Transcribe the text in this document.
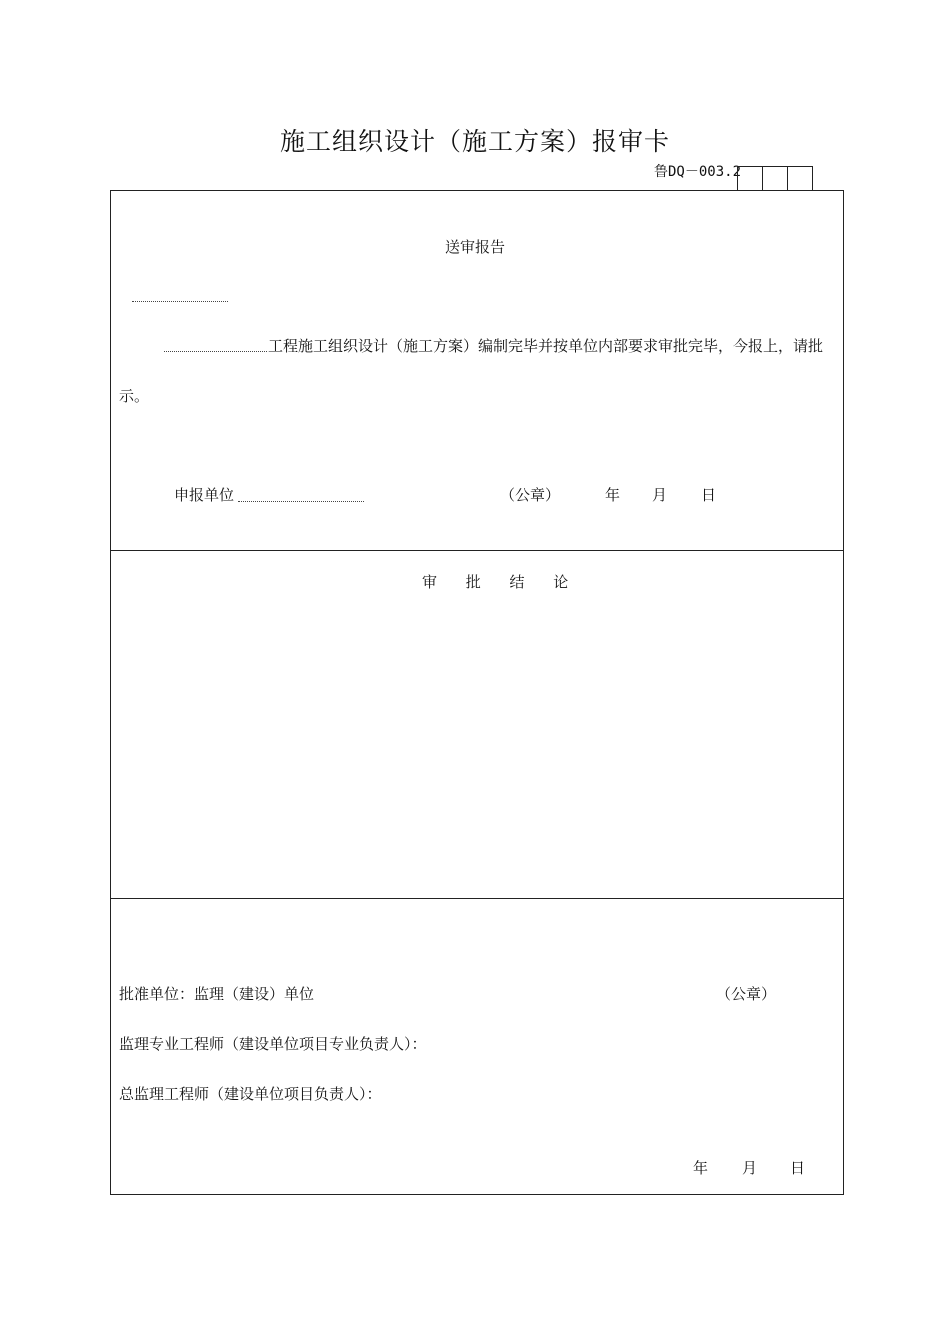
施工组织设计（施工方案）报审卡
鲁DQ－003.2
送审报告
工程施工组织设计（施工方案）编制完毕并按单位内部要求审批完毕，今报上，请批
示。
申报单位	（公章）	年 月 日
审 批 结 论
批准单位：监理（建设）单位	（公章）
监理专业工程师（建设单位项目专业负责人）：
总监理工程师（建设单位项目负责人）：
年 月 日
